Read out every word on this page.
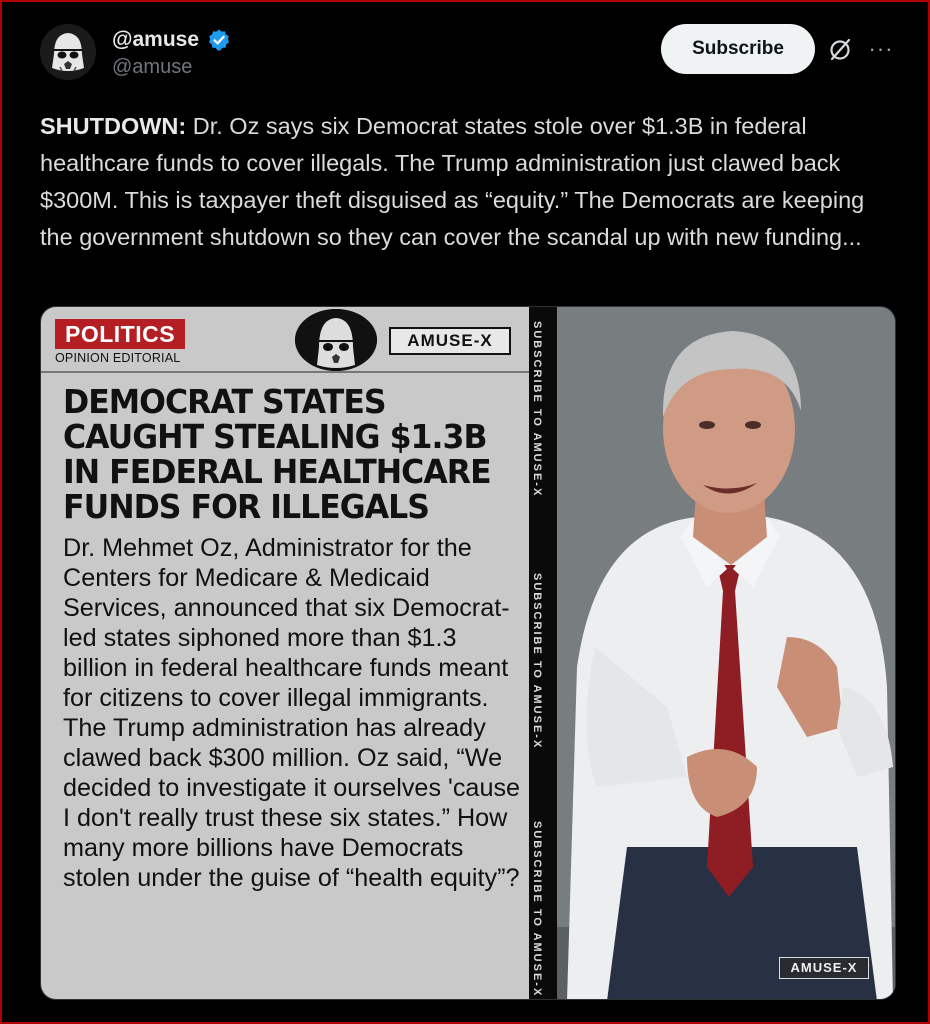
@amuse
@amuse
Subscribe	···
SHUTDOWN: Dr. Oz says six Democrat states stole over $1.3B in federal healthcare funds to cover illegals. The Trump administration just clawed back $300M. This is taxpayer theft disguised as “equity.” The Democrats are keeping the government shutdown so they can cover the scandal up with new funding...
POLITICS
OPINION EDITORIAL
AMUSE-X
DEMOCRAT STATES CAUGHT STEALING $1.3B IN FEDERAL HEALTHCARE FUNDS FOR ILLEGALS
Dr. Mehmet Oz, Administrator for the Centers for Medicare & Medicaid Services, announced that six Democrat-led states siphoned more than $1.3 billion in federal healthcare funds meant for citizens to cover illegal immigrants. The Trump administration has already clawed back $300 million. Oz said, “We decided to investigate it ourselves 'cause I don't really trust these six states.” How many more billions have Democrats stolen under the guise of “health equity”?
SUBSCRIBE TO AMUSE-X
SUBSCRIBE TO AMUSE-X
SUBSCRIBE TO AMUSE-X	AMUSE-X
